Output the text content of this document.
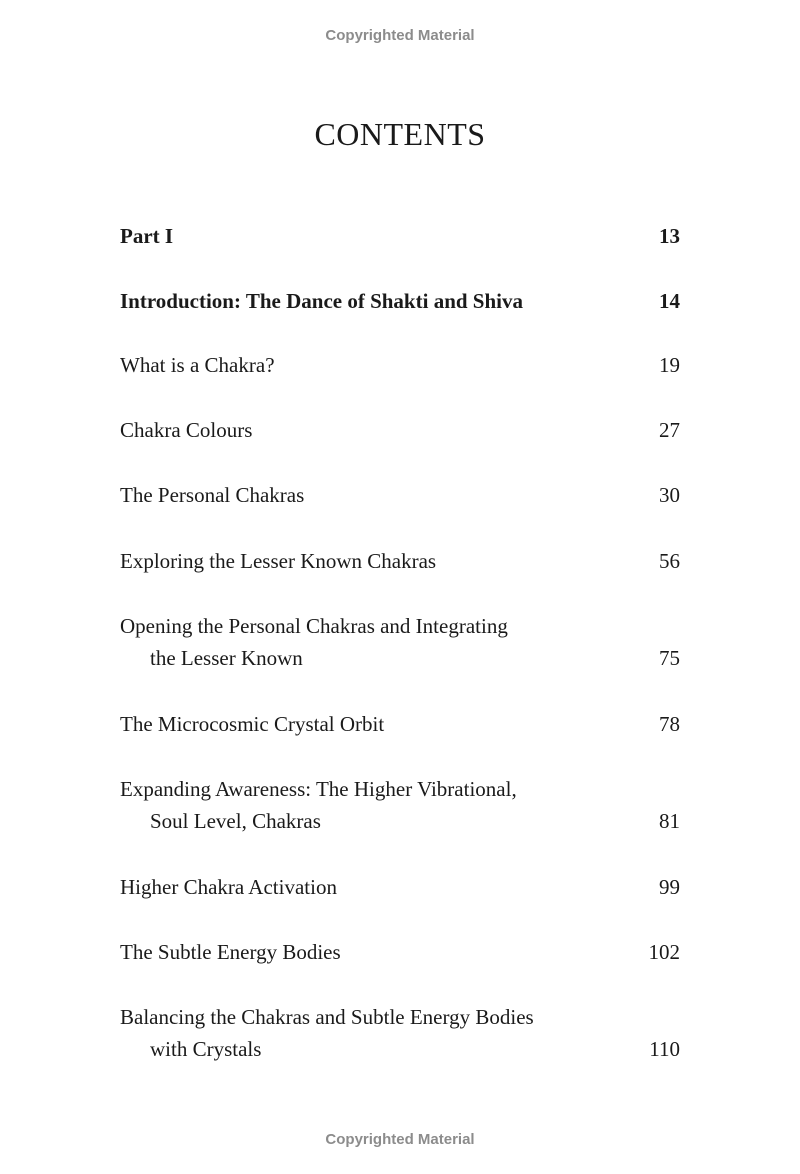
Copyrighted Material
CONTENTS
Part I	13
Introduction: The Dance of Shakti and Shiva	14
What is a Chakra?	19
Chakra Colours	27
The Personal Chakras	30
Exploring the Lesser Known Chakras	56
Opening the Personal Chakras and Integrating
the Lesser Known	75
The Microcosmic Crystal Orbit	78
Expanding Awareness: The Higher Vibrational,
Soul Level, Chakras	81
Higher Chakra Activation	99
The Subtle Energy Bodies	102
Balancing the Chakras and Subtle Energy Bodies
with Crystals	110
Copyrighted Material
